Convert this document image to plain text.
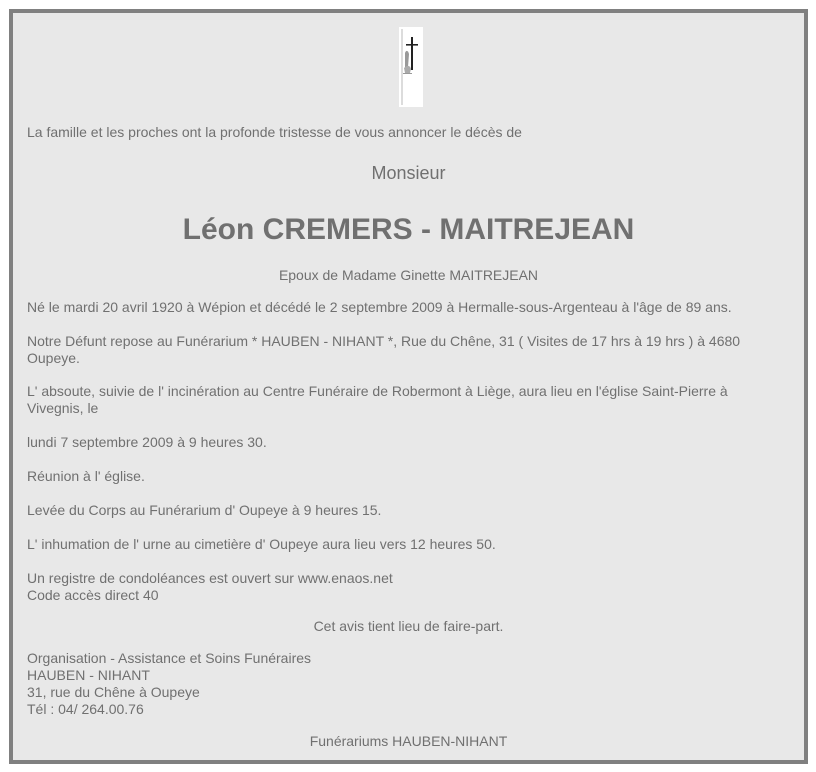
La famille et les proches ont la profonde tristesse de vous annoncer le décès de

Monsieur

Léon CREMERS - MAITREJEAN

Epoux de Madame Ginette MAITREJEAN

Né le mardi 20 avril 1920 à Wépion et décédé le 2 septembre 2009 à Hermalle-sous-Argenteau à l'âge de 89 ans.

Notre Défunt repose au Funérarium * HAUBEN - NIHANT *, Rue du Chêne, 31 ( Visites de 17 hrs à 19 hrs ) à 4680
Oupeye.
L' absoute, suivie de l' incinération au Centre Funéraire de Robermont à Liège, aura lieu en l'église Saint-Pierre à
Vivegnis, le

lundi 7 septembre 2009 à 9 heures 30.

Réunion à l' église.

Levée du Corps au Funérarium d' Oupeye à 9 heures 15.

L' inhumation de l' urne au cimetière d' Oupeye aura lieu vers 12 heures 50.

Un registre de condoléances est ouvert sur www.enaos.net

Code accès direct 40

Cet avis tient lieu de faire-part.

Organisation - Assistance et Soins Funéraires

HAUBEN - NIHANT

31, rue du Chêne à Oupeye

Tél : 04/ 264.00.76

Funérariums HAUBEN-NIHANT
